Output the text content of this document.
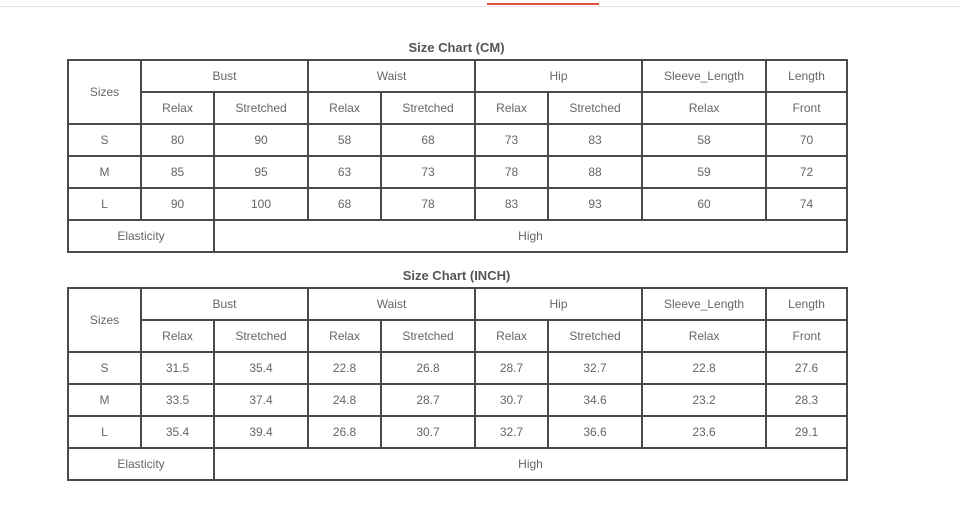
Size Chart (CM)
Sizes	Bust		Waist		Hip		Sleeve_Length	Length
	Relax	Stretched	Relax	Stretched	Relax	Stretched	Relax	Front
S	80	90	58	68	73	83	58	70
M	85	95	63	73	78	88	59	72
L	90	100	68	78	83	93	60	74
Elasticity		High						
Size Chart (INCH)
Sizes	Bust		Waist		Hip		Sleeve_Length	Length
	Relax	Stretched	Relax	Stretched	Relax	Stretched	Relax	Front
S	31.5	35.4	22.8	26.8	28.7	32.7	22.8	27.6
M	33.5	37.4	24.8	28.7	30.7	34.6	23.2	28.3
L	35.4	39.4	26.8	30.7	32.7	36.6	23.6	29.1
Elasticity		High						
